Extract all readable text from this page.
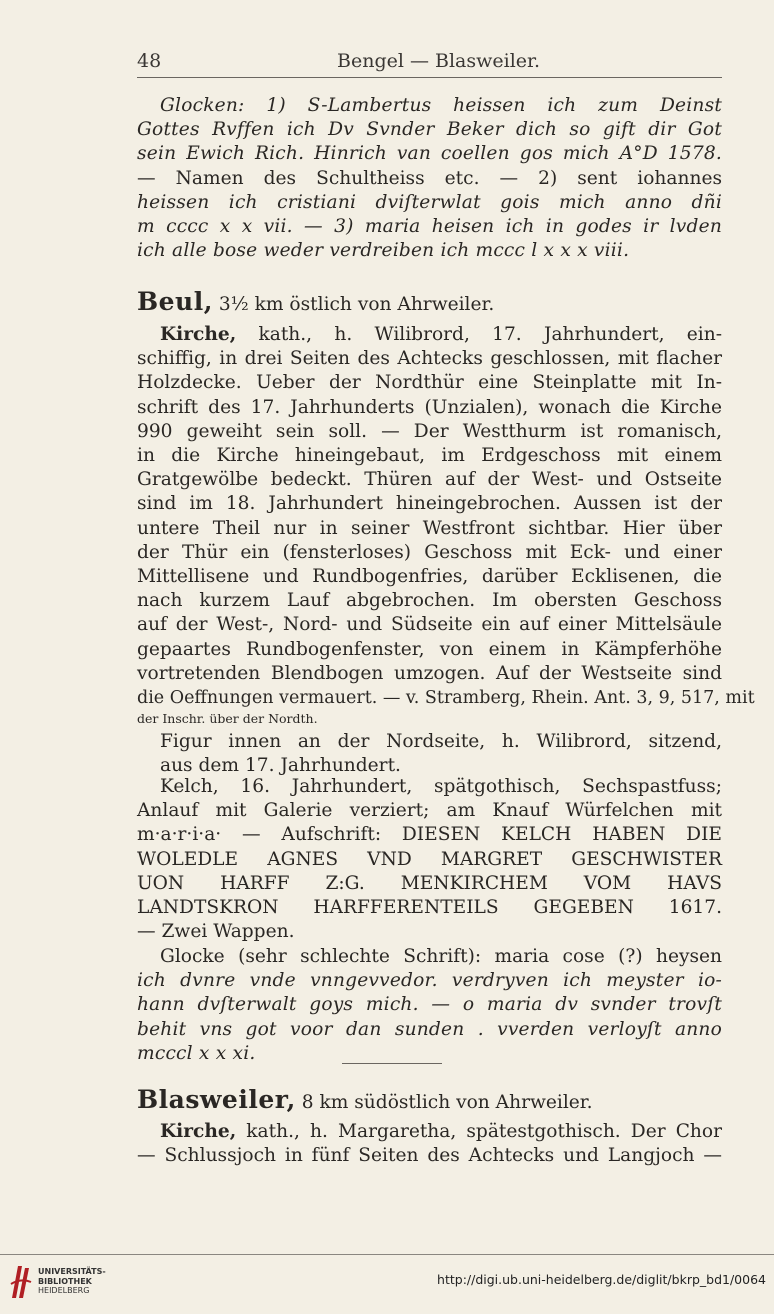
48	Bengel — Blasweiler.
Glocken: 1) S-Lambertus heissen ich zum Deinst
Gottes Rvffen ich Dv Svnder Beker dich so gift dir Got
sein Ewich Rich. Hinrich van coellen gos mich A°D 1578.
— Namen des Schultheiss etc. — 2) sent iohannes
heissen ich cristiani dviſterwlat gois mich anno dñi
m cccc x x vii. — 3) maria heisen ich in godes ir lvden
ich alle bose weder verdreiben ich mccc l x x x viii.
Beul, 3½ km östlich von Ahrweiler.
Kirche, kath., h. Wilibrord, 17. Jahrhundert, ein-
schiffig, in drei Seiten des Achtecks geschlossen, mit flacher
Holzdecke. Ueber der Nordthür eine Steinplatte mit In-
schrift des 17. Jahrhunderts (Unzialen), wonach die Kirche
990 geweiht sein soll. — Der Westthurm ist romanisch,
in die Kirche hineingebaut, im Erdgeschoss mit einem
Gratgewölbe bedeckt. Thüren auf der West- und Ostseite
sind im 18. Jahrhundert hineingebrochen. Aussen ist der
untere Theil nur in seiner Westfront sichtbar. Hier über
der Thür ein (fensterloses) Geschoss mit Eck- und einer
Mittellisene und Rundbogenfries, darüber Ecklisenen, die
nach kurzem Lauf abgebrochen. Im obersten Geschoss
auf der West-, Nord- und Südseite ein auf einer Mittelsäule
gepaartes Rundbogenfenster, von einem in Kämpferhöhe
vortretenden Blendbogen umzogen. Auf der Westseite sind
die Oeffnungen vermauert. — v. Stramberg, Rhein. Ant. 3, 9, 517, mit
der Inschr. über der Nordth.
Figur innen an der Nordseite, h. Wilibrord, sitzend,
aus dem 17. Jahrhundert.
Kelch, 16. Jahrhundert, spätgothisch, Sechspastfuss;
Anlauf mit Galerie verziert; am Knauf Würfelchen mit
m·a·r·i·a· — Aufschrift: DIESEN KELCH HABEN DIE
WOLEDLE AGNES VND MARGRET GESCHWISTER
UON HARFF Z:G. MENKIRCHEM VOM HAVS
LANDTSKRON HARFFERENTEILS GEGEBEN 1617.
— Zwei Wappen.
Glocke (sehr schlechte Schrift): maria cose (?) heysen
ich dvnre vnde vnngevvedor. verdryven ich meyster io-
hann dvſterwalt goys mich. — o maria dv svnder trovſt
behit vns got voor dan sunden . vverden verloyſt anno
mcccl x x xi.
Blasweiler, 8 km südöstlich von Ahrweiler.
Kirche, kath., h. Margaretha, spätestgothisch. Der Chor
— Schlussjoch in fünf Seiten des Achtecks und Langjoch —
UNIVERSITÄTS-
BIBLIOTHEK
HEIDELBERG
http://digi.ub.uni-heidelberg.de/diglit/bkrp_bd1/0064
